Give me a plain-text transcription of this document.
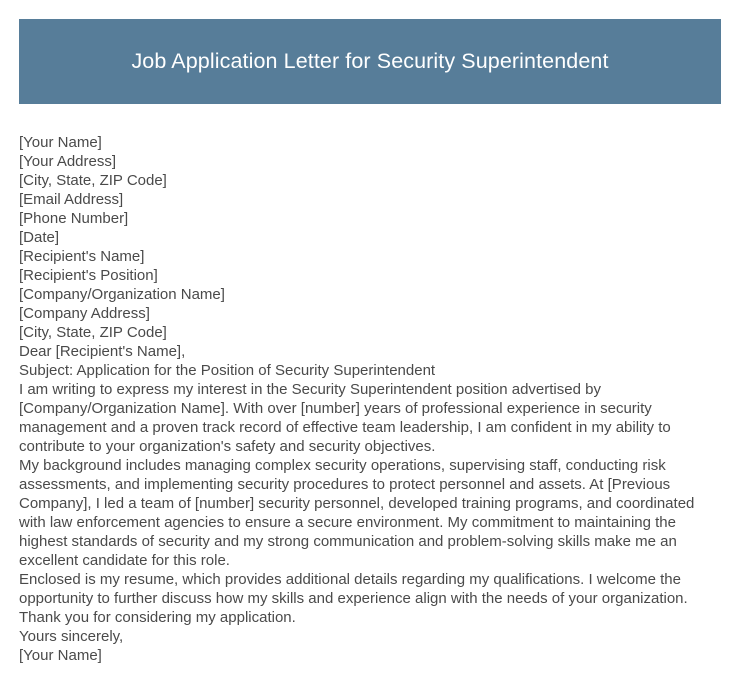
Job Application Letter for Security Superintendent
[Your Name]
[Your Address]
[City, State, ZIP Code]
[Email Address]
[Phone Number]
[Date]
[Recipient's Name]
[Recipient's Position]
[Company/Organization Name]
[Company Address]
[City, State, ZIP Code]
Dear [Recipient's Name],
Subject: Application for the Position of Security Superintendent

I am writing to express my interest in the Security Superintendent position advertised by [Company/Organization Name]. With over [number] years of professional experience in security management and a proven track record of effective team leadership, I am confident in my ability to contribute to your organization's safety and security objectives.

My background includes managing complex security operations, supervising staff, conducting risk assessments, and implementing security procedures to protect personnel and assets. At [Previous Company], I led a team of [number] security personnel, developed training programs, and coordinated with law enforcement agencies to ensure a secure environment. My commitment to maintaining the highest standards of security and my strong communication and problem-solving skills make me an excellent candidate for this role.

Enclosed is my resume, which provides additional details regarding my qualifications. I welcome the opportunity to further discuss how my skills and experience align with the needs of your organization. Thank you for considering my application.

Yours sincerely,
[Your Name]
